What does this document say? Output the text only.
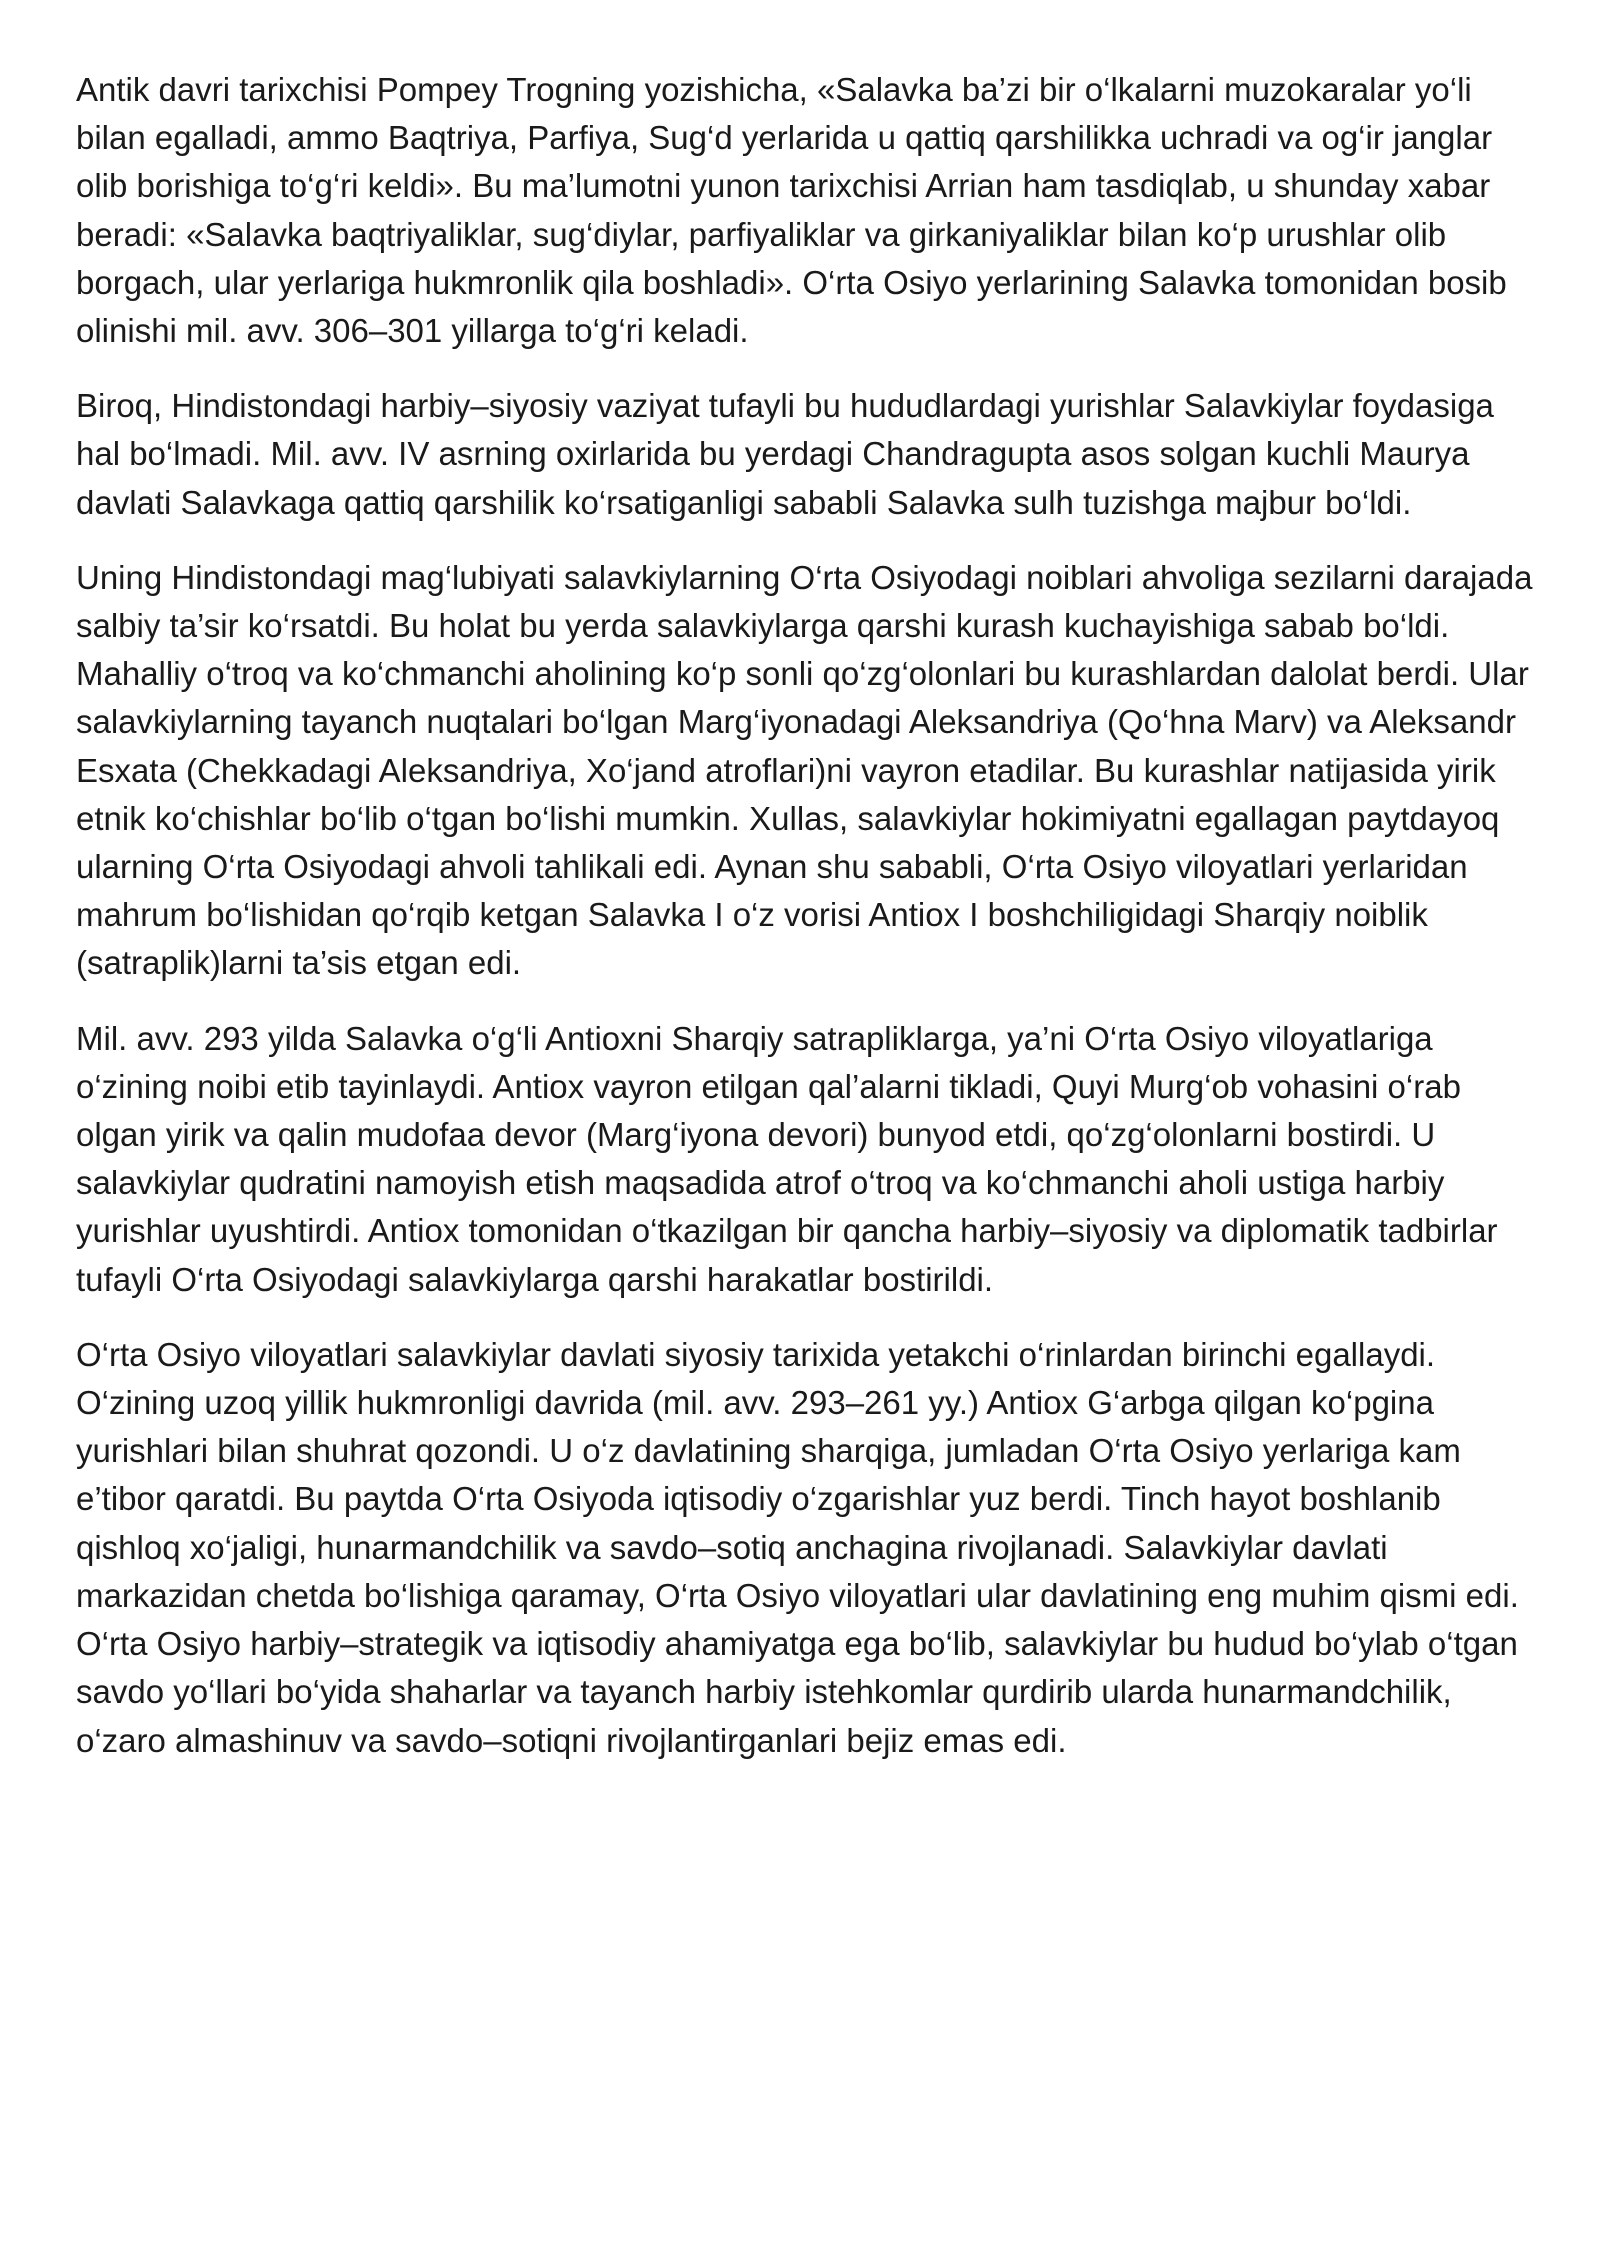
Antik davri tarixchisi Pompey Trogning yozishicha, «Salavka ba’zi bir o‘lkalarni muzokaralar yo‘li bilan egalladi, ammo Baqtriya, Parfiya, Sug‘d yerlarida u qattiq qarshilikka uchradi va og‘ir janglar olib borishiga to‘g‘ri keldi». Bu ma’lumotni yunon tarixchisi Arrian ham tasdiqlab, u shunday xabar beradi: «Salavka baqtriyaliklar, sug‘diylar, parfiyaliklar va girkaniyaliklar bilan ko‘p urushlar olib borgach, ular yerlariga hukmronlik qila boshladi». O‘rta Osiyo yerlarining Salavka tomonidan bosib olinishi mil. avv. 306–301 yillarga to‘g‘ri keladi.

Biroq, Hindistondagi harbiy–siyosiy vaziyat tufayli bu hududlardagi yurishlar Salavkiylar foydasiga hal bo‘lmadi. Mil. avv. IV asrning oxirlarida bu yerdagi Chandragupta asos solgan kuchli Maurya davlati Salavkaga qattiq qarshilik ko‘rsatiganligi sababli Salavka sulh tuzishga majbur bo‘ldi.

Uning Hindistondagi mag‘lubiyati salavkiylarning O‘rta Osiyodagi noiblari ahvoliga sezilarni darajada salbiy ta’sir ko‘rsatdi. Bu holat bu yerda salavkiylarga qarshi kurash kuchayishiga sabab bo‘ldi. Mahalliy o‘troq va ko‘chmanchi aholining ko‘p sonli qo‘zg‘olonlari bu kurashlardan dalolat berdi. Ular salavkiylarning tayanch nuqtalari bo‘lgan Marg‘iyonadagi Aleksandriya (Qo‘hna Marv) va Aleksandr Esxata (Chekkadagi Aleksandriya, Xo‘jand atroflari)ni vayron etadilar. Bu kurashlar natijasida yirik etnik ko‘chishlar bo‘lib o‘tgan bo‘lishi mumkin. Xullas, salavkiylar hokimiyatni egallagan paytdayoq ularning O‘rta Osiyodagi ahvoli tahlikali edi. Aynan shu sababli, O‘rta Osiyo viloyatlari yerlaridan mahrum bo‘lishidan qo‘rqib ketgan Salavka I o‘z vorisi Antiox I boshchiligidagi Sharqiy noiblik (satraplik)larni ta’sis etgan edi.

Mil. avv. 293 yilda Salavka o‘g‘li Antioxni Sharqiy satrapliklarga, ya’ni O‘rta Osiyo viloyatlariga o‘zining noibi etib tayinlaydi. Antiox vayron etilgan qal’alarni tikladi, Quyi Murg‘ob vohasini o‘rab olgan yirik va qalin mudofaa devor (Marg‘iyona devori) bunyod etdi, qo‘zg‘olonlarni bostirdi. U salavkiylar qudratini namoyish etish maqsadida atrof o‘troq va ko‘chmanchi aholi ustiga harbiy yurishlar uyushtirdi. Antiox tomonidan o‘tkazilgan bir qancha harbiy–siyosiy va diplomatik tadbirlar tufayli O‘rta Osiyodagi salavkiylarga qarshi harakatlar bostirildi.

O‘rta Osiyo viloyatlari salavkiylar davlati siyosiy tarixida yetakchi o‘rinlardan birinchi egallaydi. O‘zining uzoq yillik hukmronligi davrida (mil. avv. 293–261 yy.) Antiox G‘arbga qilgan ko‘pgina yurishlari bilan shuhrat qozondi. U o‘z davlatining sharqiga, jumladan O‘rta Osiyo yerlariga kam e’tibor qaratdi. Bu paytda O‘rta Osiyoda iqtisodiy o‘zgarishlar yuz berdi. Tinch hayot boshlanib qishloq xo‘jaligi, hunarmandchilik va savdo–sotiq anchagina rivojlanadi. Salavkiylar davlati markazidan chetda bo‘lishiga qaramay, O‘rta Osiyo viloyatlari ular davlatining eng muhim qismi edi. O‘rta Osiyo harbiy–strategik va iqtisodiy ahamiyatga ega bo‘lib, salavkiylar bu hudud bo‘ylab o‘tgan savdo yo‘llari bo‘yida shaharlar va tayanch harbiy istehkomlar qurdirib ularda hunarmandchilik, o‘zaro almashinuv va savdo–sotiqni rivojlantirganlari bejiz emas edi.
